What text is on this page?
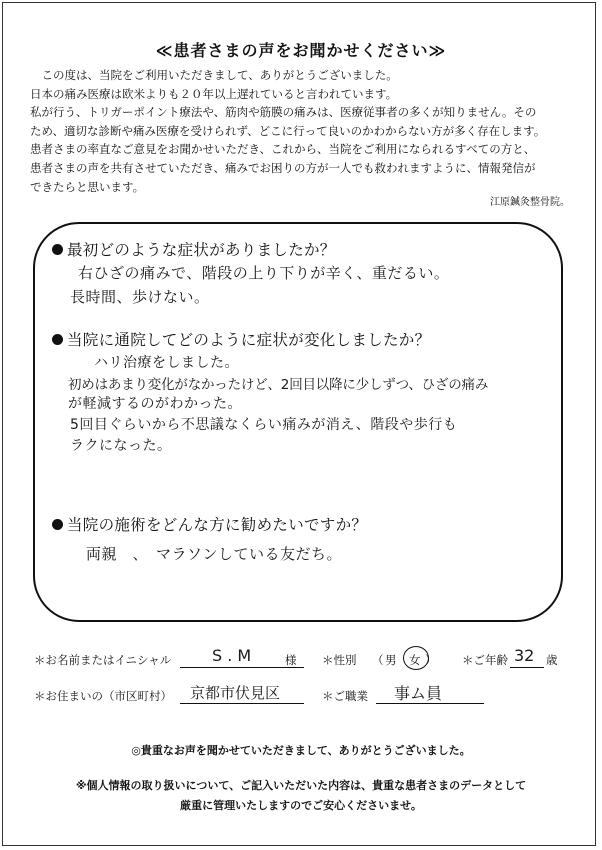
≪患者さまの声をお聞かせください≫
　この度は、当院をご利用いただきまして、ありがとうございました。
日本の痛み医療は欧米よりも２０年以上遅れていると言われています。
私が行う、トリガーポイント療法や、筋肉や筋膜の痛みは、医療従事者の多くが知りません。その
ため、適切な診断や痛み医療を受けられず、どこに行って良いのかわからない方が多く存在します。
患者さまの率直なご意見をお聞かせいただき、これから、当院をご利用になられるすべての方と、
患者さまの声を共有させていただき、痛みでお困りの方が一人でも救われますように、情報発信が
できたらと思います。
江原鍼灸整骨院。
最初どのような症状がありましたか？
右ひざの痛みで、階段の上り下りが辛く、重だるい。
長時間、歩けない。
当院に通院してどのように症状が変化しましたか？
ハリ治療をしました。
初めはあまり変化がなかったけど、2回目以降に少しずつ、ひざの痛み
が軽減するのがわかった。
5回目ぐらいから不思議なくらい痛みが消え、階段や歩行も
ラクになった。
当院の施術をどんな方に勧めたいですか？
両親　、　マラソンしている友だち。
＊お名前またはイニシャル	S . M	様 ＊性別 （ 男 女 ） ＊ご年齢 32 歳
＊お住まいの（市区町村） 京都市伏見区	＊ご職業 事ム員
◎貴重なお声を聞かせていただきまして、ありがとうございました。
※個人情報の取り扱いについて、ご記入いただいた内容は、貴重な患者さまのデータとして
厳重に管理いたしますのでご安心くださいませ。
